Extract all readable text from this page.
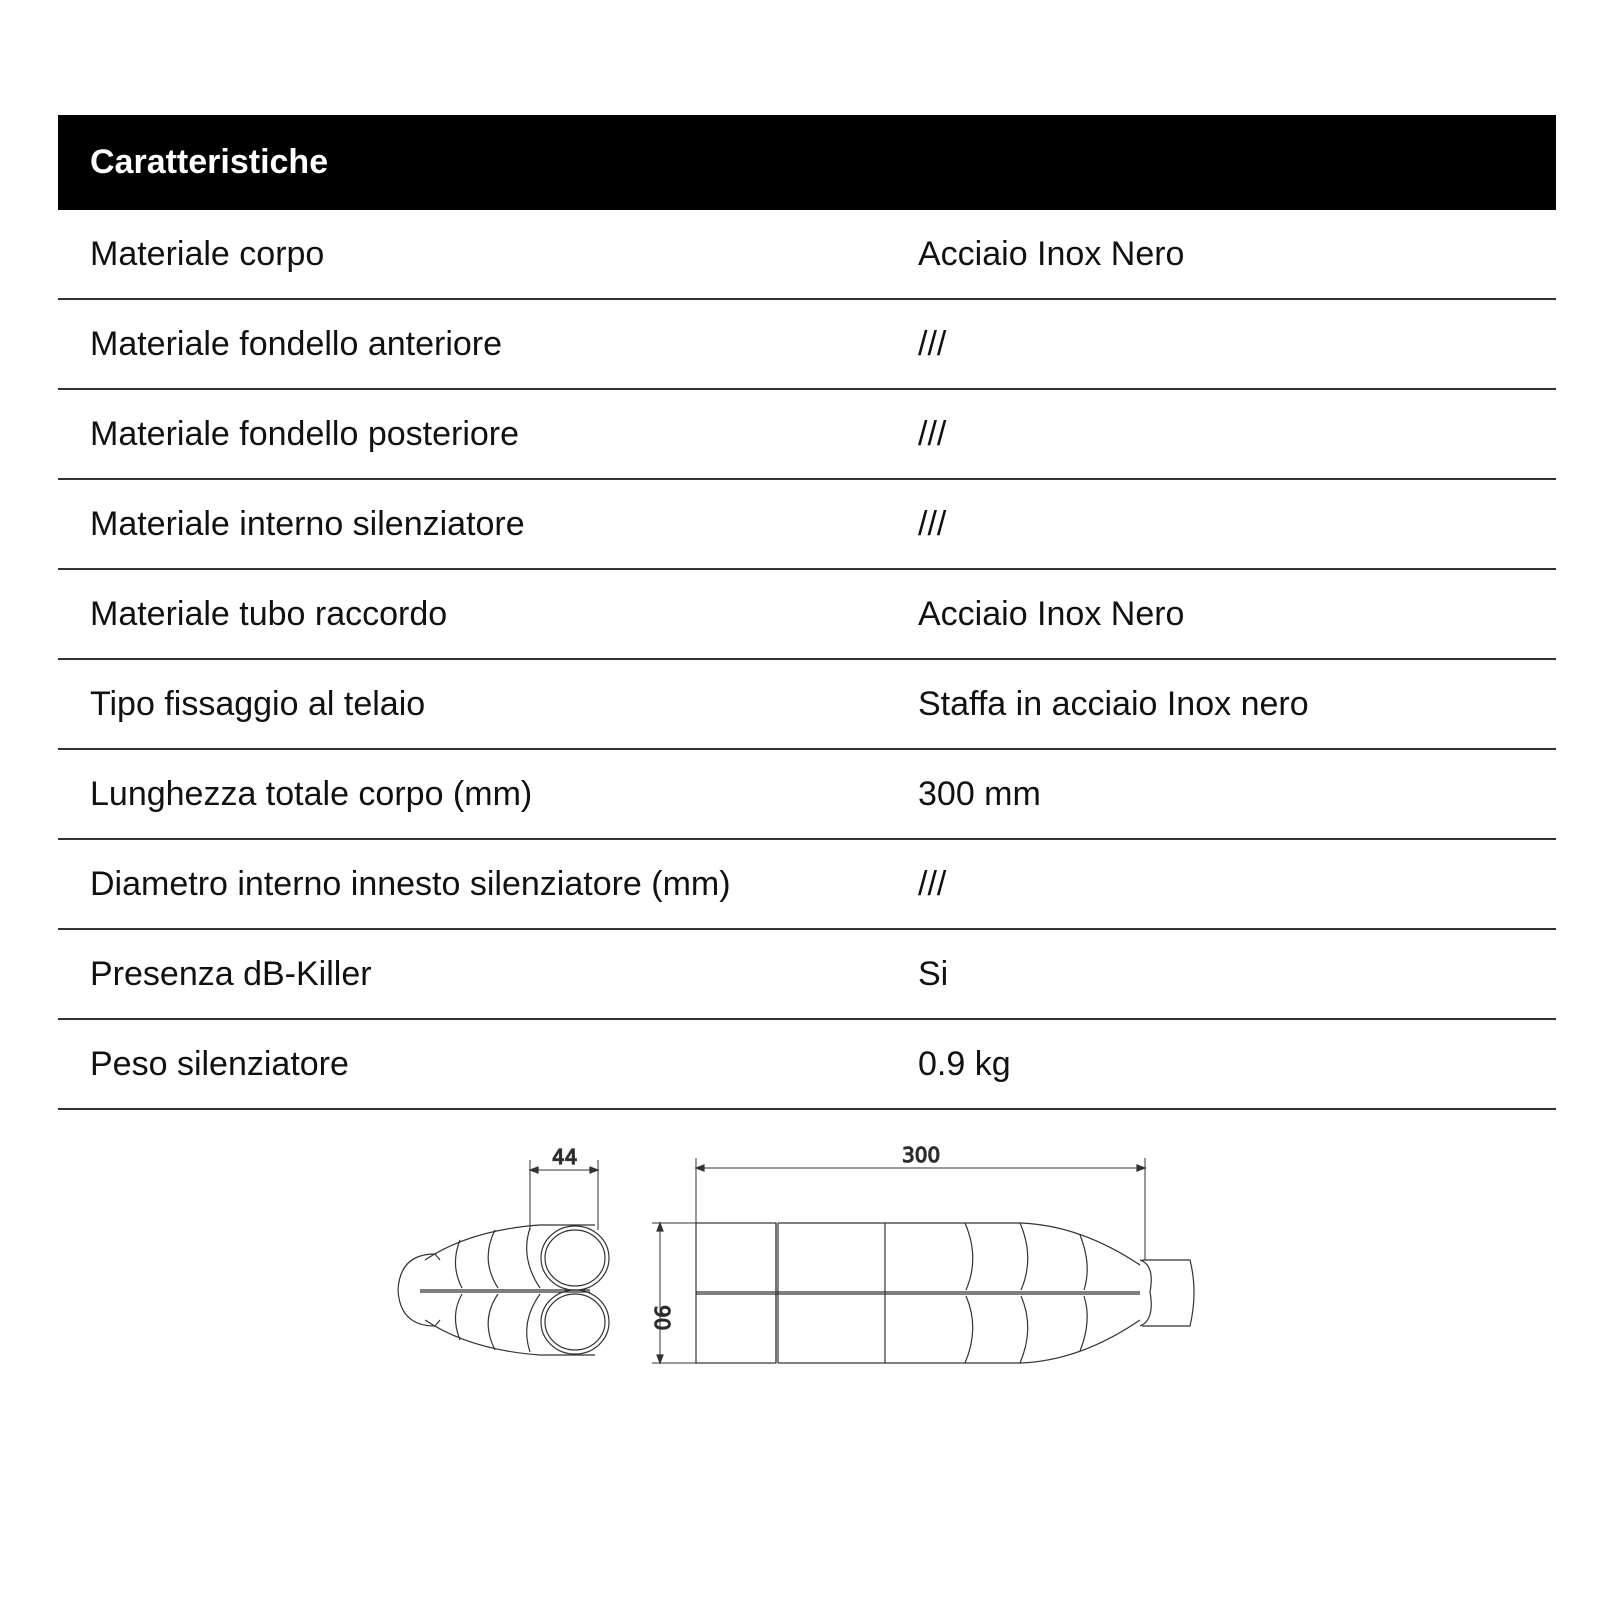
Caratteristiche
Materiale corpo	Acciaio Inox Nero
Materiale fondello anteriore	///
Materiale fondello posteriore	///
Materiale interno silenziatore	///
Materiale tubo raccordo	Acciaio Inox Nero
Tipo fissaggio al telaio	Staffa in acciaio Inox nero
Lunghezza totale corpo (mm)	300 mm
Diametro interno innesto silenziatore (mm)	///
Presenza dB-Killer	Si
Peso silenziatore	0.9 kg
44	300
90
